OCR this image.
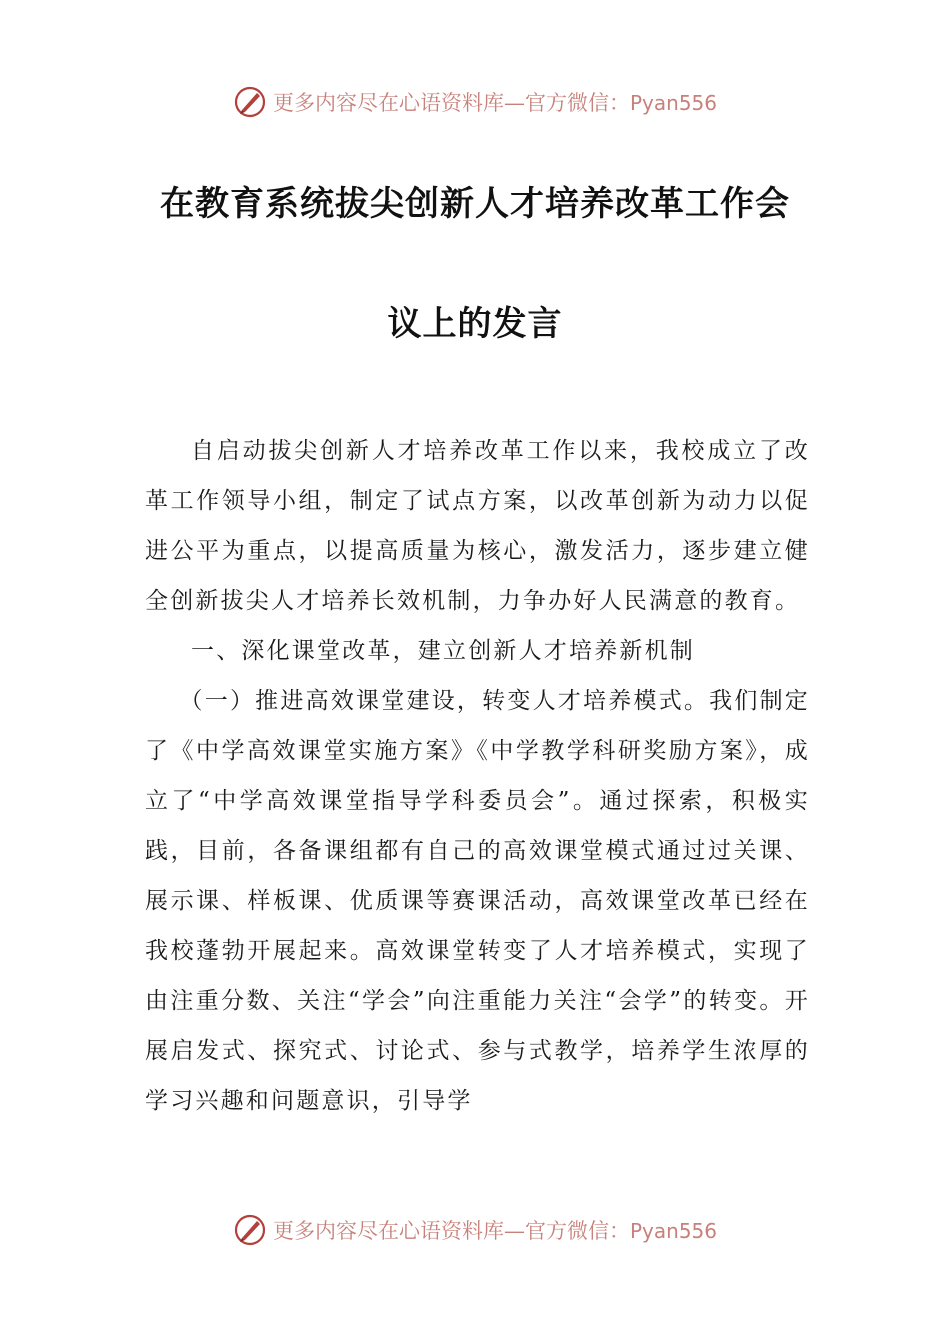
更多内容尽在心语资料库—官方微信：Pyan556
在教育系统拔尖创新人才培养改革工作会
议上的发言

自启动拔尖创新人才培养改革工作以来，我校成立了改革工作领导小组，制定了试点方案，以改革创新为动力以促进公平为重点，以提高质量为核心，激发活力，逐步建立健全创新拔尖人才培养长效机制，力争办好人民满意的教育。

一、深化课堂改革，建立创新人才培养新机制

（一）推进高效课堂建设，转变人才培养模式。我们制定了《中学高效课堂实施方案》《中学教学科研奖励方案》，成立了“中学高效课堂指导学科委员会”。通过探索，积极实践，目前，各备课组都有自己的高效课堂模式通过过关课、展示课、样板课、优质课等赛课活动，高效课堂改革已经在我校蓬勃开展起来。高效课堂转变了人才培养模式，实现了由注重分数、关注“学会”向注重能力关注“会学”的转变。开展启发式、探究式、讨论式、参与式教学，培养学生浓厚的学习兴趣和问题意识，引导学

更多内容尽在心语资料库—官方微信：Pyan556
